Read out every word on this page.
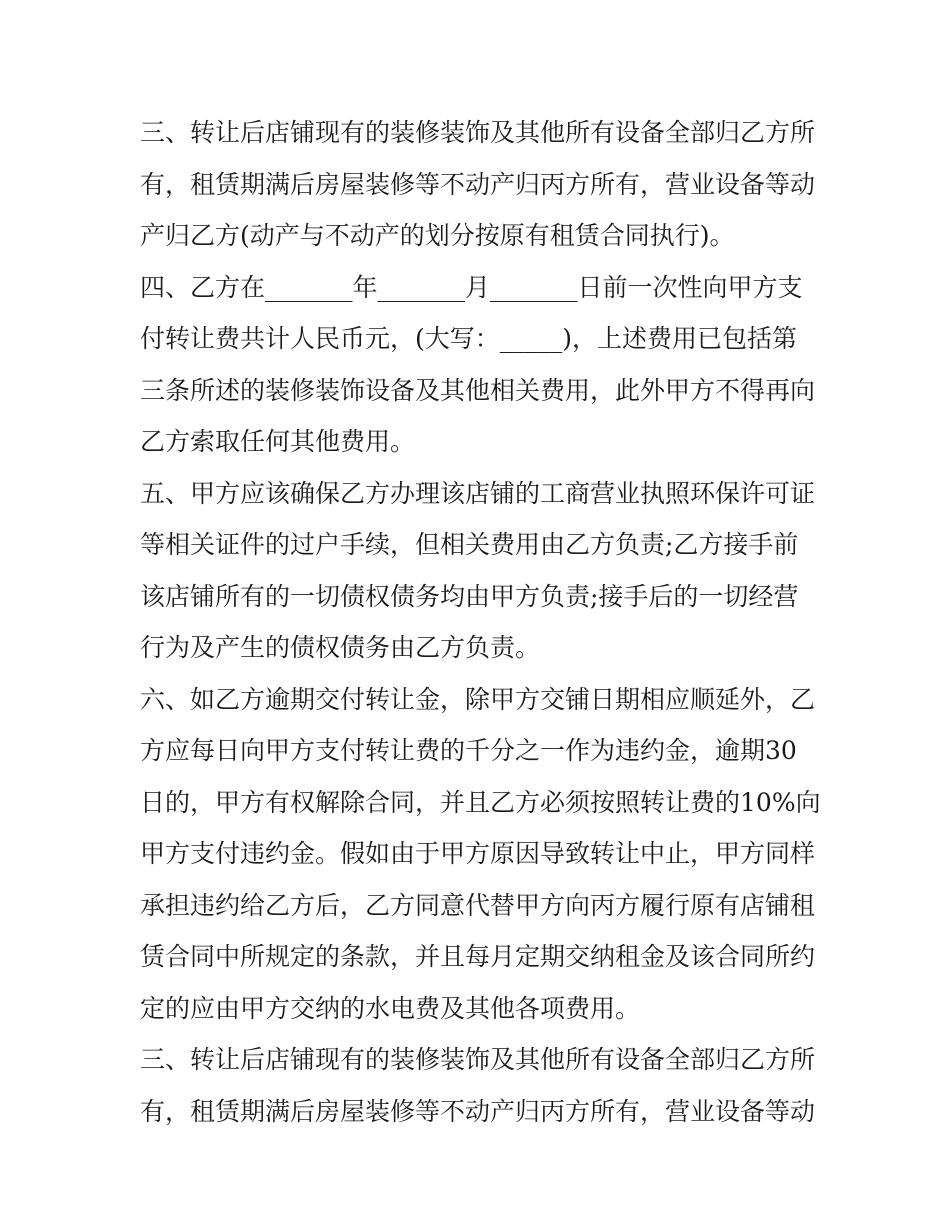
三、转让后店铺现有的装修装饰及其他所有设备全部归乙方所
有，租赁期满后房屋装修等不动产归丙方所有，营业设备等动
产归乙方(动产与不动产的划分按原有租赁合同执行)。
四、乙方在_______年_______月_______日前一次性向甲方支
付转让费共计人民币元，(大写：_____)，上述费用已包括第
三条所述的装修装饰设备及其他相关费用，此外甲方不得再向
乙方索取任何其他费用。
五、甲方应该确保乙方办理该店铺的工商营业执照环保许可证
等相关证件的过户手续，但相关费用由乙方负责;乙方接手前
该店铺所有的一切债权债务均由甲方负责;接手后的一切经营
行为及产生的债权债务由乙方负责。
六、如乙方逾期交付转让金，除甲方交铺日期相应顺延外，乙
方应每日向甲方支付转让费的千分之一作为违约金，逾期30
日的，甲方有权解除合同，并且乙方必须按照转让费的10%向
甲方支付违约金。假如由于甲方原因导致转让中止，甲方同样
承担违约给乙方后，乙方同意代替甲方向丙方履行原有店铺租
赁合同中所规定的条款，并且每月定期交纳租金及该合同所约
定的应由甲方交纳的水电费及其他各项费用。
三、转让后店铺现有的装修装饰及其他所有设备全部归乙方所
有，租赁期满后房屋装修等不动产归丙方所有，营业设备等动
